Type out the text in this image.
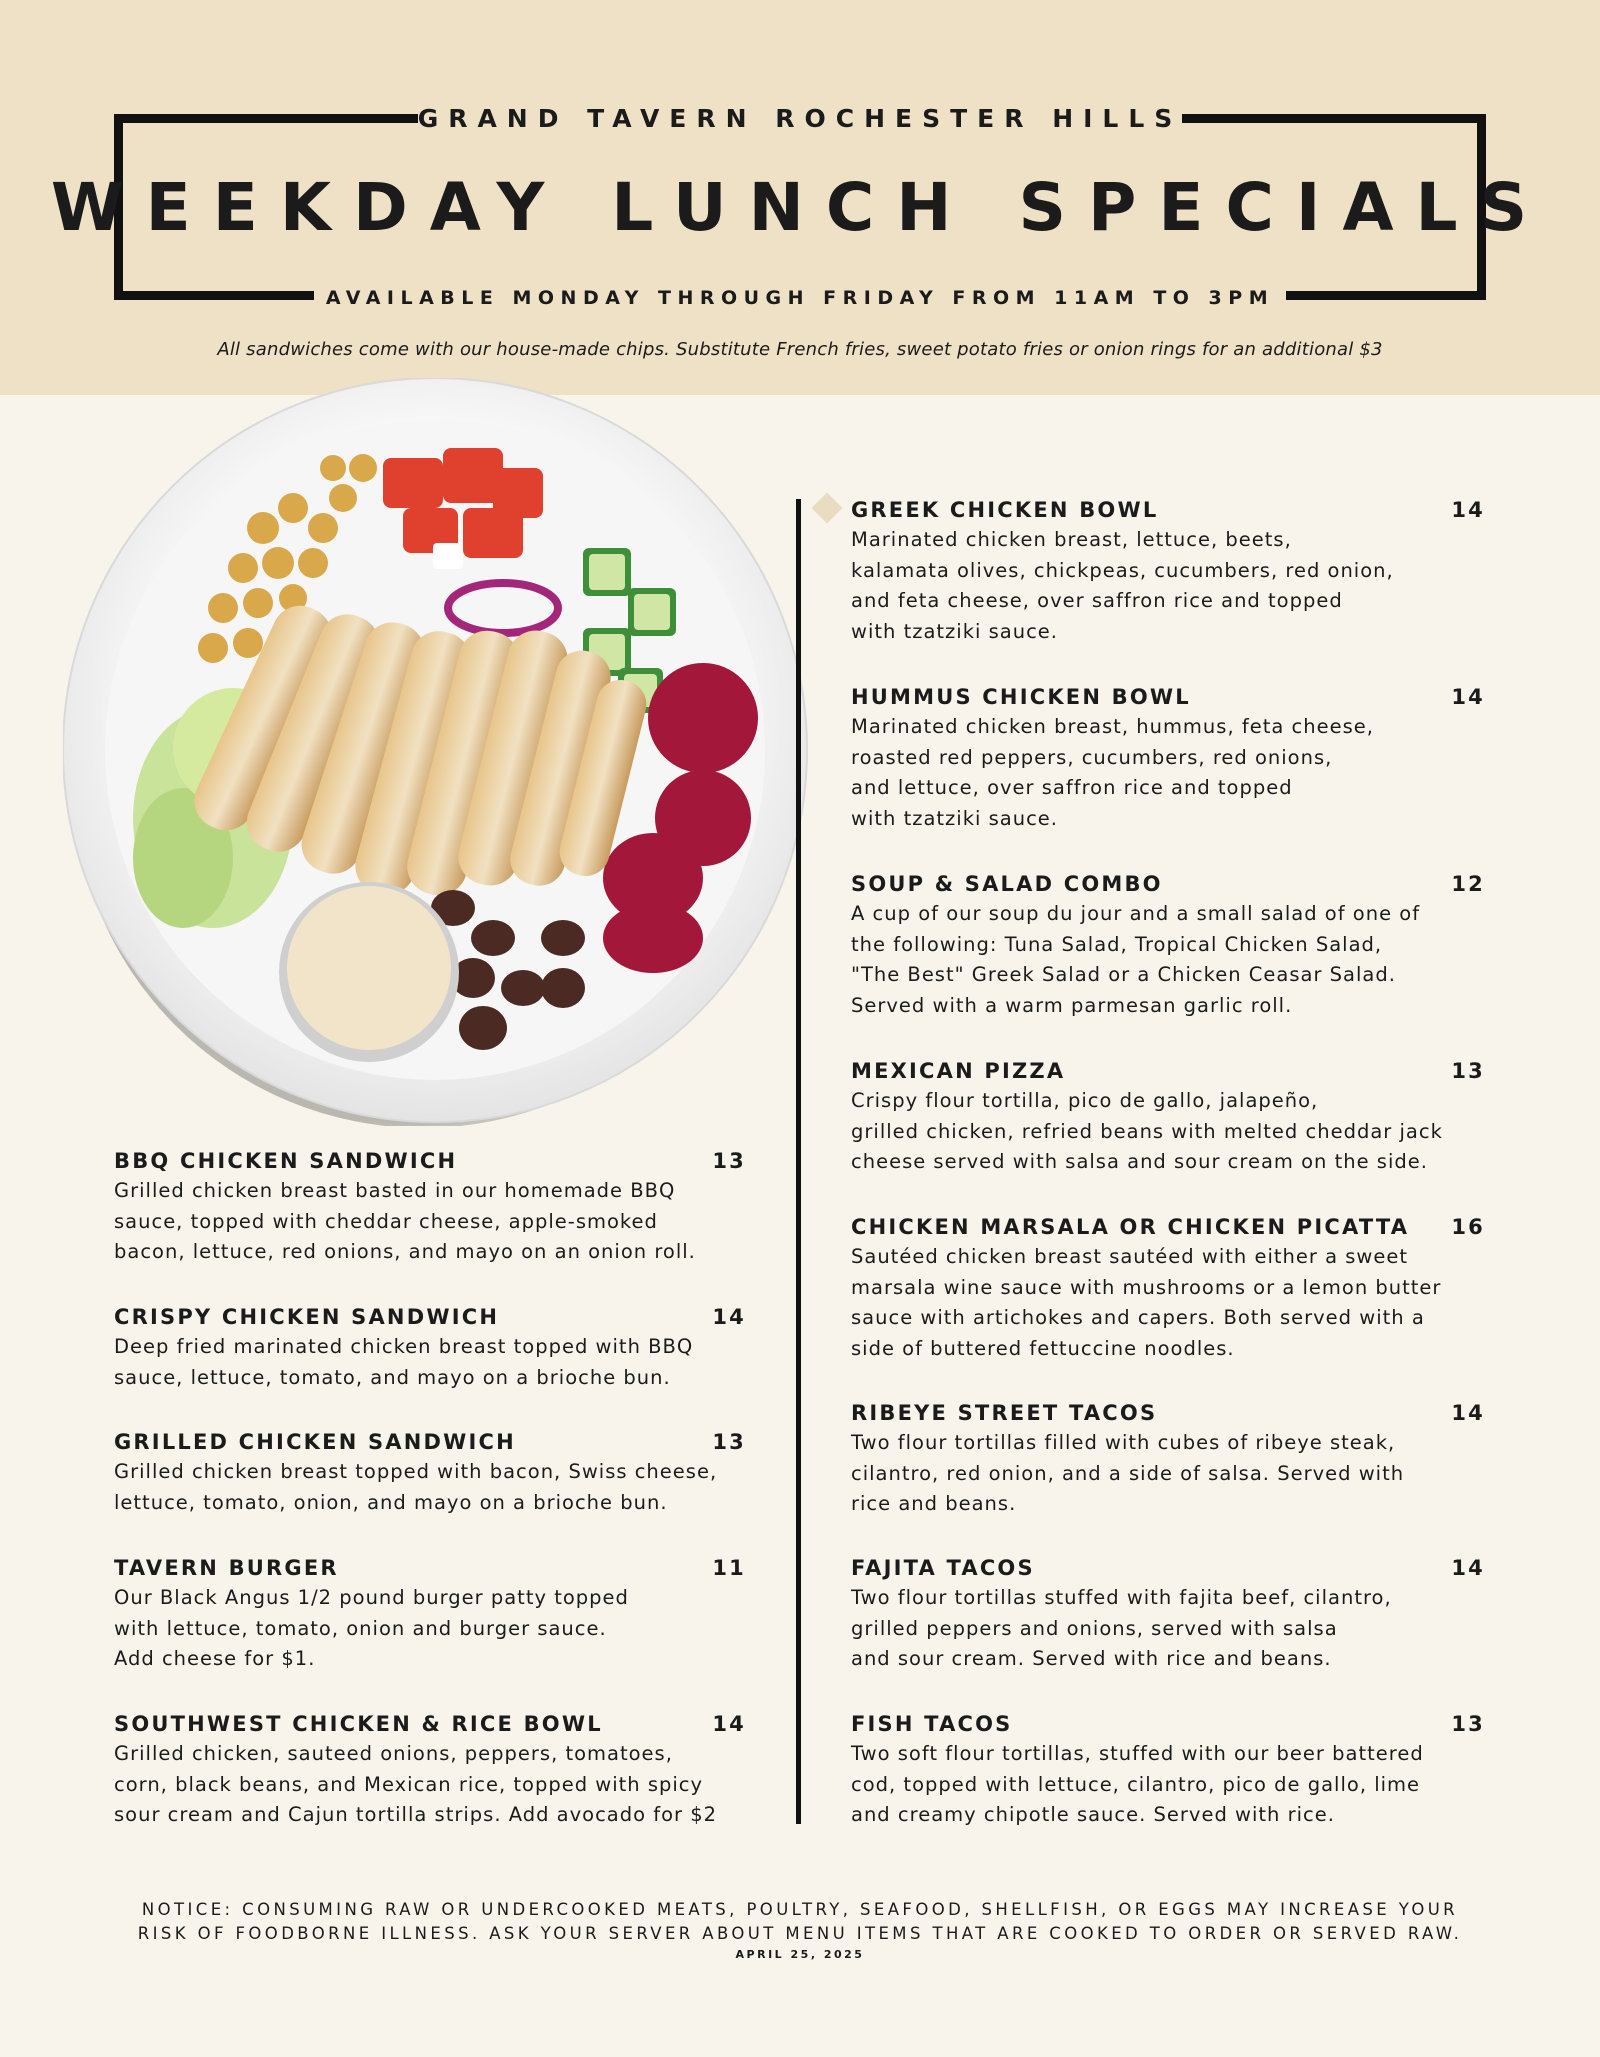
GRAND TAVERN ROCHESTER HILLS
WEEKDAY LUNCH SPECIALS
AVAILABLE MONDAY THROUGH FRIDAY FROM 11AM TO 3PM
All sandwiches come with our house-made chips. Substitute French fries, sweet potato fries or onion rings for an additional $3
BBQ CHICKEN SANDWICH	13
Grilled chicken breast basted in our homemade BBQ
sauce, topped with cheddar cheese, apple-smoked
bacon, lettuce, red onions, and mayo on an onion roll.
CRISPY CHICKEN SANDWICH	14
Deep fried marinated chicken breast topped with BBQ
sauce, lettuce, tomato, and mayo on a brioche bun.
GRILLED CHICKEN SANDWICH	13
Grilled chicken breast topped with bacon, Swiss cheese,
lettuce, tomato, onion, and mayo on a brioche bun.
TAVERN BURGER	11
Our Black Angus 1/2 pound burger patty topped
with lettuce, tomato, onion and burger sauce.
Add cheese for $1.
SOUTHWEST CHICKEN & RICE BOWL	14
Grilled chicken, sauteed onions, peppers, tomatoes,
corn, black beans, and Mexican rice, topped with spicy
sour cream and Cajun tortilla strips. Add avocado for $2
GREEK CHICKEN BOWL	14
Marinated chicken breast, lettuce, beets,
kalamata olives, chickpeas, cucumbers, red onion,
and feta cheese, over saffron rice and topped
with tzatziki sauce.
HUMMUS CHICKEN BOWL	14
Marinated chicken breast, hummus, feta cheese,
roasted red peppers, cucumbers, red onions,
and lettuce, over saffron rice and topped
with tzatziki sauce.
SOUP & SALAD COMBO	12
A cup of our soup du jour and a small salad of one of
the following: Tuna Salad, Tropical Chicken Salad,
"The Best" Greek Salad or a Chicken Ceasar Salad.
Served with a warm parmesan garlic roll.
MEXICAN PIZZA	13
Crispy flour tortilla, pico de gallo, jalapeño,
grilled chicken, refried beans with melted cheddar jack
cheese served with salsa and sour cream on the side.
CHICKEN MARSALA OR CHICKEN PICATTA 16
Sautéed chicken breast sautéed with either a sweet
marsala wine sauce with mushrooms or a lemon butter
sauce with artichokes and capers. Both served with a
side of buttered fettuccine noodles.
RIBEYE STREET TACOS	14
Two flour tortillas filled with cubes of ribeye steak,
cilantro, red onion, and a side of salsa. Served with
rice and beans.
FAJITA TACOS	14
Two flour tortillas stuffed with fajita beef, cilantro,
grilled peppers and onions, served with salsa
and sour cream. Served with rice and beans.
FISH TACOS	13
Two soft flour tortillas, stuffed with our beer battered
cod, topped with lettuce, cilantro, pico de gallo, lime
and creamy chipotle sauce. Served with rice.
NOTICE: CONSUMING RAW OR UNDERCOOKED MEATS, POULTRY, SEAFOOD, SHELLFISH, OR EGGS MAY INCREASE YOUR
RISK OF FOODBORNE ILLNESS. ASK YOUR SERVER ABOUT MENU ITEMS THAT ARE COOKED TO ORDER OR SERVED RAW.
APRIL 25, 2025
